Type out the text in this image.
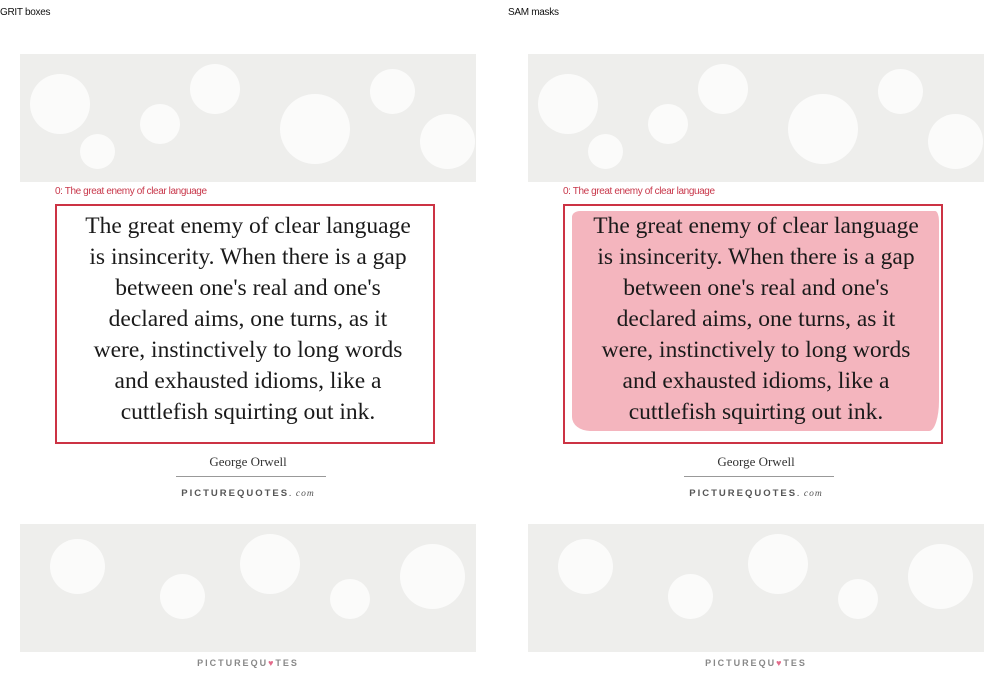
GRIT boxes

The great enemy of clear language
is insincerity. When there is a gap
between one's real and one's
declared aims, one turns, as it
were, instinctively to long words
and exhausted idioms, like a
cuttlefish squirting out ink.

George Orwell
PICTUREQUOTES. com
PICTUREQU♥TES
0: The great enemy of clear language
SAM masks

The great enemy of clear language
is insincerity. When there is a gap
between one's real and one's
declared aims, one turns, as it
were, instinctively to long words
and exhausted idioms, like a
cuttlefish squirting out ink.

George Orwell
PICTUREQUOTES. com
PICTUREQU♥TES
0: The great enemy of clear language
